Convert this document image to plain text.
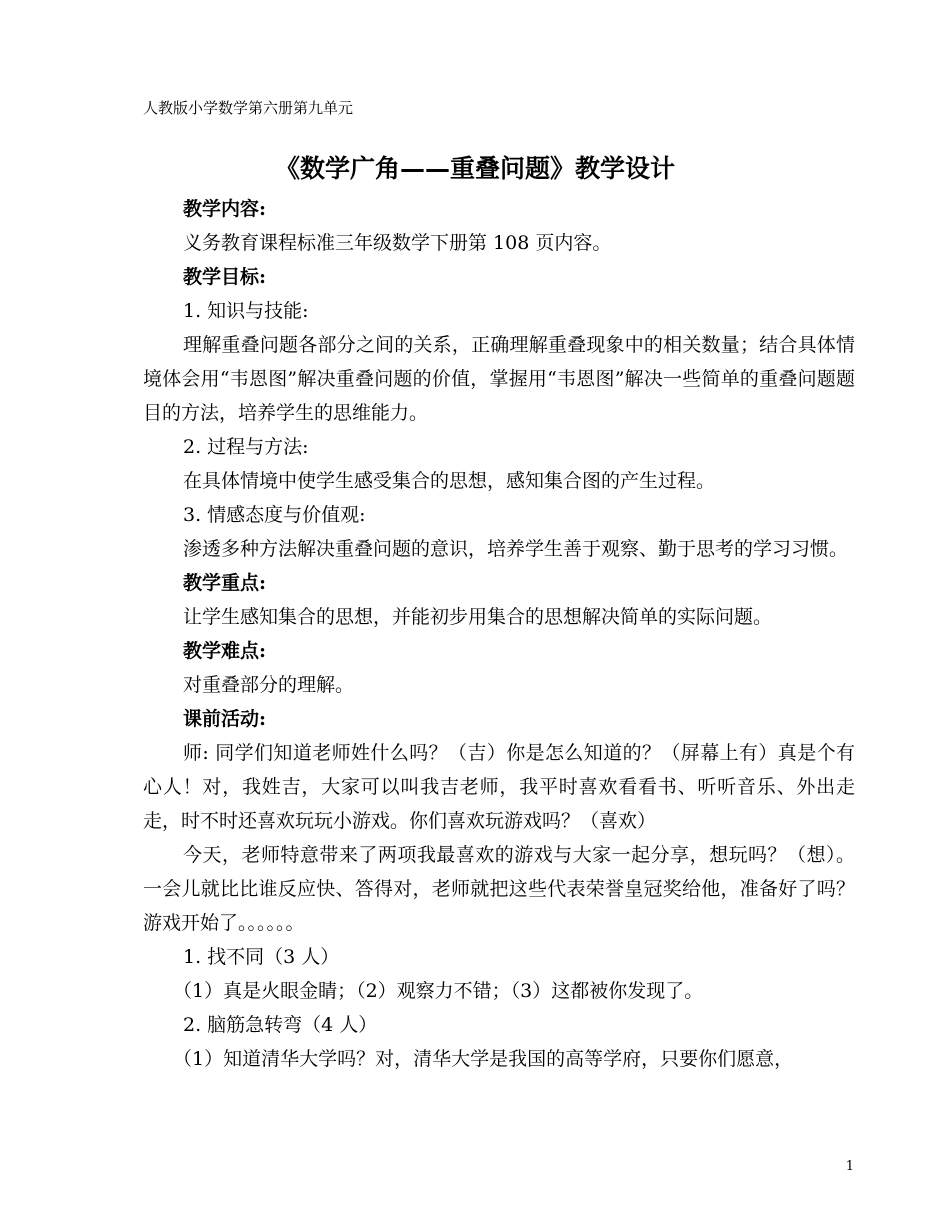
人教版小学数学第六册第九单元
《数学广角——重叠问题》教学设计

教学内容:

义务教育课程标准三年级数学下册第 108 页内容。

教学目标:

1. 知识与技能:

理解重叠问题各部分之间的关系，正确理解重叠现象中的相关数量；结合具体情境体会用“韦恩图”解决重叠问题的价值，掌握用“韦恩图”解决一些简单的重叠问题题目的方法，培养学生的思维能力。

2. 过程与方法:

在具体情境中使学生感受集合的思想，感知集合图的产生过程。

3. 情感态度与价值观:

渗透多种方法解决重叠问题的意识，培养学生善于观察、勤于思考的学习习惯。

教学重点:

让学生感知集合的思想，并能初步用集合的思想解决简单的实际问题。

教学难点:

对重叠部分的理解。

课前活动:

师: 同学们知道老师姓什么吗？（吉）你是怎么知道的？（屏幕上有）真是个有心人！对，我姓吉，大家可以叫我吉老师，我平时喜欢看看书、听听音乐、外出走走，时不时还喜欢玩玩小游戏。你们喜欢玩游戏吗？（喜欢）

今天，老师特意带来了两项我最喜欢的游戏与大家一起分享，想玩吗？（想）。一会儿就比比谁反应快、答得对，老师就把这些代表荣誉皇冠奖给他，准备好了吗？游戏开始了。。。。。。

1. 找不同（3 人）

（1）真是火眼金睛；（2）观察力不错；（3）这都被你发现了。

2. 脑筋急转弯（4 人）

（1）知道清华大学吗？对，清华大学是我国的高等学府，只要你们愿意，

1
